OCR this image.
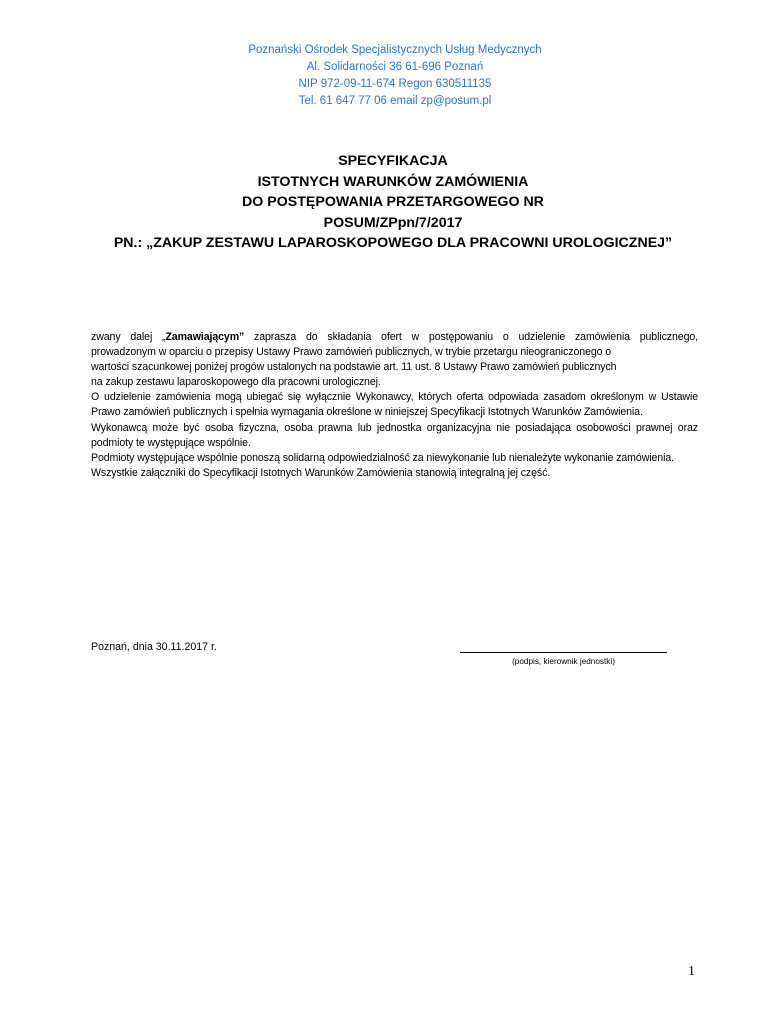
Poznański Ośrodek Specjalistycznych Usług Medycznych
Al. Solidarności 36 61-696 Poznań
NIP 972-09-11-674 Regon 630511135
Tel. 61 647 77 06 email zp@posum.pl
SPECYFIKACJA
ISTOTNYCH WARUNKÓW ZAMÓWIENIA
DO POSTĘPOWANIA PRZETARGOWEGO NR
POSUM/ZPpn/7/2017
PN.: „ZAKUP ZESTAWU LAPAROSKOPOWEGO DLA PRACOWNI UROLOGICZNEJ”

zwany dalej „Zamawiającym” zaprasza do składania ofert w postępowaniu o udzielenie zamówienia publicznego,
prowadzonym w oparciu o przepisy Ustawy Prawo zamówień publicznych, w trybie przetargu nieograniczonego o
wartości szacunkowej poniżej progów ustalonych na podstawie art. 11 ust. 8 Ustawy Prawo zamówień publicznych
na zakup zestawu laparoskopowego dla pracowni urologicznej.

O udzielenie zamówienia mogą ubiegać się wyłącznie Wykonawcy, których oferta odpowiada zasadom określonym w Ustawie Prawo zamówień publicznych i spełnia wymagania określone w niniejszej Specyfikacji Istotnych Warunków Zamówienia.

Wykonawcą może być osoba fizyczna, osoba prawna lub jednostka organizacyjna nie posiadająca osobowości prawnej oraz podmioty te występujące wspólnie.

Podmioty występujące wspólnie ponoszą solidarną odpowiedzialność za niewykonanie lub nienależyte wykonanie zamówienia.

Wszystkie załączniki do Specyfikacji Istotnych Warunków Zamówienia stanowią integralną jej część.

Poznań, dnia 30.11.2017 r.
(podpis, kierownik jednostki)
1
